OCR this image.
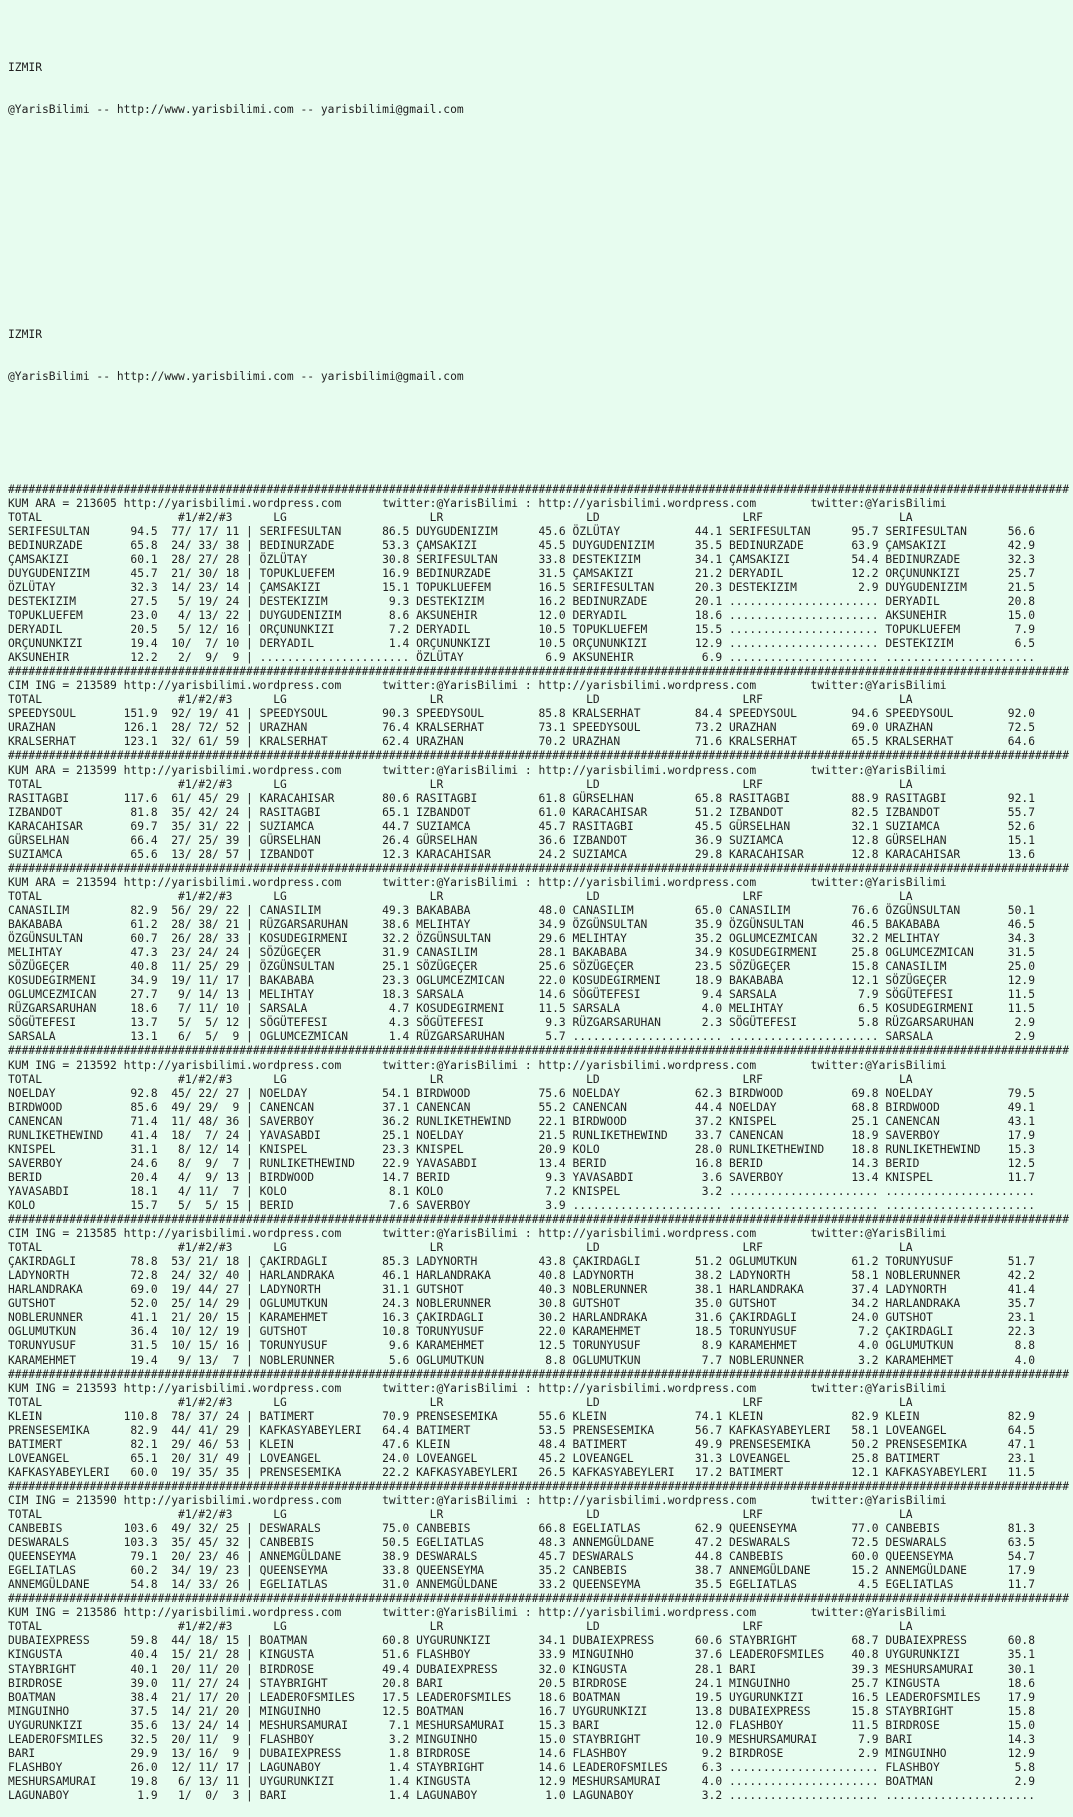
IZMIR

@YarisBilimi -- http://www.yarisbilimi.com -- yarisbilimi@gmail.com

IZMIR

@YarisBilimi -- http://www.yarisbilimi.com -- yarisbilimi@gmail.com

############################################################################################################################################################
KUM ARA = 213605 http://yarisbilimi.wordpress.com      twitter:@YarisBilimi : http://yarisbilimi.wordpress.com        twitter:@YarisBilimi
TOTAL                    #1/#2/#3      LG                     LR                     LD                     LRF                    LA
SERIFESULTAN      94.5  77/ 17/ 11 | SERIFESULTAN      86.5 DUYGUDENIZIM      45.6 ÖZLÜTAY           44.1 SERIFESULTAN      95.7 SERIFESULTAN      56.6
BEDINURZADE       65.8  24/ 33/ 38 | BEDINURZADE       53.3 ÇAMSAKIZI         45.5 DUYGUDENIZIM      35.5 BEDINURZADE       63.9 ÇAMSAKIZI         42.9
ÇAMSAKIZI         60.1  28/ 27/ 28 | ÖZLÜTAY           30.8 SERIFESULTAN      33.8 DESTEKIZIM        34.1 ÇAMSAKIZI         54.4 BEDINURZADE       32.3
DUYGUDENIZIM      45.7  21/ 30/ 18 | TOPUKLUEFEM       16.9 BEDINURZADE       31.5 ÇAMSAKIZI         21.2 DERYADIL          12.2 ORÇUNUNKIZI       25.7
ÖZLÜTAY           32.3  14/ 23/ 14 | ÇAMSAKIZI         15.1 TOPUKLUEFEM       16.5 SERIFESULTAN      20.3 DESTEKIZIM         2.9 DUYGUDENIZIM      21.5
DESTEKIZIM        27.5   5/ 19/ 24 | DESTEKIZIM         9.3 DESTEKIZIM        16.2 BEDINURZADE       20.1 ...................... DERYADIL          20.8
TOPUKLUEFEM       23.0   4/ 13/ 22 | DUYGUDENIZIM       8.6 AKSUNEHIR         12.0 DERYADIL          18.6 ...................... AKSUNEHIR         15.0
DERYADIL          20.5   5/ 12/ 16 | ORÇUNUNKIZI        7.2 DERYADIL          10.5 TOPUKLUEFEM       15.5 ...................... TOPUKLUEFEM        7.9
ORÇUNUNKIZI       19.4  10/  7/ 10 | DERYADIL           1.4 ORÇUNUNKIZI       10.5 ORÇUNUNKIZI       12.9 ...................... DESTEKIZIM         6.5
AKSUNEHIR         12.2   2/  9/  9 | ...................... ÖZLÜTAY            6.9 AKSUNEHIR          6.9 ...................... ......................
############################################################################################################################################################
CIM ING = 213589 http://yarisbilimi.wordpress.com      twitter:@YarisBilimi : http://yarisbilimi.wordpress.com        twitter:@YarisBilimi
TOTAL                    #1/#2/#3      LG                     LR                     LD                     LRF                    LA
SPEEDYSOUL       151.9  92/ 19/ 41 | SPEEDYSOUL        90.3 SPEEDYSOUL        85.8 KRALSERHAT        84.4 SPEEDYSOUL        94.6 SPEEDYSOUL        92.0
URAZHAN          126.1  28/ 72/ 52 | URAZHAN           76.4 KRALSERHAT        73.1 SPEEDYSOUL        73.2 URAZHAN           69.0 URAZHAN           72.5
KRALSERHAT       123.1  32/ 61/ 59 | KRALSERHAT        62.4 URAZHAN           70.2 URAZHAN           71.6 KRALSERHAT        65.5 KRALSERHAT        64.6
############################################################################################################################################################
KUM ARA = 213599 http://yarisbilimi.wordpress.com      twitter:@YarisBilimi : http://yarisbilimi.wordpress.com        twitter:@YarisBilimi
TOTAL                    #1/#2/#3      LG                     LR                     LD                     LRF                    LA
RASITAGBI        117.6  61/ 45/ 29 | KARACAHISAR       80.6 RASITAGBI         61.8 GÜRSELHAN         65.8 RASITAGBI         88.9 RASITAGBI         92.1
IZBANDOT          81.8  35/ 42/ 24 | RASITAGBI         65.1 IZBANDOT          61.0 KARACAHISAR       51.2 IZBANDOT          82.5 IZBANDOT          55.7
KARACAHISAR       69.7  35/ 31/ 22 | SUZIAMCA          44.7 SUZIAMCA          45.7 RASITAGBI         45.5 GÜRSELHAN         32.1 SUZIAMCA          52.6
GÜRSELHAN         66.4  27/ 25/ 39 | GÜRSELHAN         26.4 GÜRSELHAN         36.6 IZBANDOT          36.9 SUZIAMCA          12.8 GÜRSELHAN         15.1
SUZIAMCA          65.6  13/ 28/ 57 | IZBANDOT          12.3 KARACAHISAR       24.2 SUZIAMCA          29.8 KARACAHISAR       12.8 KARACAHISAR       13.6
############################################################################################################################################################
KUM ARA = 213594 http://yarisbilimi.wordpress.com      twitter:@YarisBilimi : http://yarisbilimi.wordpress.com        twitter:@YarisBilimi
TOTAL                    #1/#2/#3      LG                     LR                     LD                     LRF                    LA
CANASILIM         82.9  56/ 29/ 22 | CANASILIM         49.3 BAKABABA          48.0 CANASILIM         65.0 CANASILIM         76.6 ÖZGÜNSULTAN       50.1
BAKABABA          61.2  28/ 38/ 21 | RÜZGARSARUHAN     38.6 MELIHTAY          34.9 ÖZGÜNSULTAN       35.9 ÖZGÜNSULTAN       46.5 BAKABABA          46.5
ÖZGÜNSULTAN       60.7  26/ 28/ 33 | KOSUDEGIRMENI     32.2 ÖZGÜNSULTAN       29.6 MELIHTAY          35.2 OGLUMCEZMICAN     32.2 MELIHTAY          34.3
MELIHTAY          47.3  23/ 24/ 24 | SÖZÜGEÇER         31.9 CANASILIM         28.1 BAKABABA          34.9 KOSUDEGIRMENI     25.8 OGLUMCEZMICAN     31.5
SÖZÜGEÇER         40.8  11/ 25/ 29 | ÖZGÜNSULTAN       25.1 SÖZÜGEÇER         25.6 SÖZÜGEÇER         23.5 SÖZÜGEÇER         15.8 CANASILIM         25.0
KOSUDEGIRMENI     34.9  19/ 11/ 17 | BAKABABA          23.3 OGLUMCEZMICAN     22.0 KOSUDEGIRMENI     18.9 BAKABABA          12.1 SÖZÜGEÇER         12.9
OGLUMCEZMICAN     27.7   9/ 14/ 13 | MELIHTAY          18.3 SARSALA           14.6 SÖGÜTEFESI         9.4 SARSALA            7.9 SÖGÜTEFESI        11.5
RÜZGARSARUHAN     18.6   7/ 11/ 10 | SARSALA            4.7 KOSUDEGIRMENI     11.5 SARSALA            4.0 MELIHTAY           6.5 KOSUDEGIRMENI     11.5
SÖGÜTEFESI        13.7   5/  5/ 12 | SÖGÜTEFESI         4.3 SÖGÜTEFESI         9.3 RÜZGARSARUHAN      2.3 SÖGÜTEFESI         5.8 RÜZGARSARUHAN      2.9
SARSALA           13.1   6/  5/  9 | OGLUMCEZMICAN      1.4 RÜZGARSARUHAN      5.7 ...................... ...................... SARSALA            2.9
############################################################################################################################################################
KUM ING = 213592 http://yarisbilimi.wordpress.com      twitter:@YarisBilimi : http://yarisbilimi.wordpress.com        twitter:@YarisBilimi
TOTAL                    #1/#2/#3      LG                     LR                     LD                     LRF                    LA
NOELDAY           92.8  45/ 22/ 27 | NOELDAY           54.1 BIRDWOOD          75.6 NOELDAY           62.3 BIRDWOOD          69.8 NOELDAY           79.5
BIRDWOOD          85.6  49/ 29/  9 | CANENCAN          37.1 CANENCAN          55.2 CANENCAN          44.4 NOELDAY           68.8 BIRDWOOD          49.1
CANENCAN          71.4  11/ 48/ 36 | SAVERBOY          36.2 RUNLIKETHEWIND    22.1 BIRDWOOD          37.2 KNISPEL           25.1 CANENCAN          43.1
RUNLIKETHEWIND    41.4  18/  7/ 24 | YAVASABDI         25.1 NOELDAY           21.5 RUNLIKETHEWIND    33.7 CANENCAN          18.9 SAVERBOY          17.9
KNISPEL           31.1   8/ 12/ 14 | KNISPEL           23.3 KNISPEL           20.9 KOLO              28.0 RUNLIKETHEWIND    18.8 RUNLIKETHEWIND    15.3
SAVERBOY          24.6   8/  9/  7 | RUNLIKETHEWIND    22.9 YAVASABDI         13.4 BERID             16.8 BERID             14.3 BERID             12.5
BERID             20.4   4/  9/ 13 | BIRDWOOD          14.7 BERID              9.3 YAVASABDI          3.6 SAVERBOY          13.4 KNISPEL           11.7
YAVASABDI         18.1   4/ 11/  7 | KOLO               8.1 KOLO               7.2 KNISPEL            3.2 ...................... ......................
KOLO              15.7   5/  5/ 15 | BERID              7.6 SAVERBOY           3.9 ...................... ...................... ......................
############################################################################################################################################################
CIM ING = 213585 http://yarisbilimi.wordpress.com      twitter:@YarisBilimi : http://yarisbilimi.wordpress.com        twitter:@YarisBilimi
TOTAL                    #1/#2/#3      LG                     LR                     LD                     LRF                    LA
ÇAKIRDAGLI        78.8  53/ 21/ 18 | ÇAKIRDAGLI        85.3 LADYNORTH         43.8 ÇAKIRDAGLI        51.2 OGLUMUTKUN        61.2 TORUNYUSUF        51.7
LADYNORTH         72.8  24/ 32/ 40 | HARLANDRAKA       46.1 HARLANDRAKA       40.8 LADYNORTH         38.2 LADYNORTH         58.1 NOBLERUNNER       42.2
HARLANDRAKA       69.0  19/ 44/ 27 | LADYNORTH         31.1 GUTSHOT           40.3 NOBLERUNNER       38.1 HARLANDRAKA       37.4 LADYNORTH         41.4
GUTSHOT           52.0  25/ 14/ 29 | OGLUMUTKUN        24.3 NOBLERUNNER       30.8 GUTSHOT           35.0 GUTSHOT           34.2 HARLANDRAKA       35.7
NOBLERUNNER       41.1  21/ 20/ 15 | KARAMEHMET        16.3 ÇAKIRDAGLI        30.2 HARLANDRAKA       31.6 ÇAKIRDAGLI        24.0 GUTSHOT           23.1
OGLUMUTKUN        36.4  10/ 12/ 19 | GUTSHOT           10.8 TORUNYUSUF        22.0 KARAMEHMET        18.5 TORUNYUSUF         7.2 ÇAKIRDAGLI        22.3
TORUNYUSUF        31.5  10/ 15/ 16 | TORUNYUSUF         9.6 KARAMEHMET        12.5 TORUNYUSUF         8.9 KARAMEHMET         4.0 OGLUMUTKUN         8.8
KARAMEHMET        19.4   9/ 13/  7 | NOBLERUNNER        5.6 OGLUMUTKUN         8.8 OGLUMUTKUN         7.7 NOBLERUNNER        3.2 KARAMEHMET         4.0
############################################################################################################################################################
KUM ING = 213593 http://yarisbilimi.wordpress.com      twitter:@YarisBilimi : http://yarisbilimi.wordpress.com        twitter:@YarisBilimi
TOTAL                    #1/#2/#3      LG                     LR                     LD                     LRF                    LA
KLEIN            110.8  78/ 37/ 24 | BATIMERT          70.9 PRENSESEMIKA      55.6 KLEIN             74.1 KLEIN             82.9 KLEIN             82.9
PRENSESEMIKA      82.9  44/ 41/ 29 | KAFKASYABEYLERI   64.4 BATIMERT          53.5 PRENSESEMIKA      56.7 KAFKASYABEYLERI   58.1 LOVEANGEL         64.5
BATIMERT          82.1  29/ 46/ 53 | KLEIN             47.6 KLEIN             48.4 BATIMERT          49.9 PRENSESEMIKA      50.2 PRENSESEMIKA      47.1
LOVEANGEL         65.1  20/ 31/ 49 | LOVEANGEL         24.0 LOVEANGEL         45.2 LOVEANGEL         31.3 LOVEANGEL         25.8 BATIMERT          23.1
KAFKASYABEYLERI   60.0  19/ 35/ 35 | PRENSESEMIKA      22.2 KAFKASYABEYLERI   26.5 KAFKASYABEYLERI   17.2 BATIMERT          12.1 KAFKASYABEYLERI   11.5
############################################################################################################################################################
CIM ING = 213590 http://yarisbilimi.wordpress.com      twitter:@YarisBilimi : http://yarisbilimi.wordpress.com        twitter:@YarisBilimi
TOTAL                    #1/#2/#3      LG                     LR                     LD                     LRF                    LA
CANBEBIS         103.6  49/ 32/ 25 | DESWARALS         75.0 CANBEBIS          66.8 EGELIATLAS        62.9 QUEENSEYMA        77.0 CANBEBIS          81.3
DESWARALS        103.3  35/ 45/ 32 | CANBEBIS          50.5 EGELIATLAS        48.3 ANNEMGÜLDANE      47.2 DESWARALS         72.5 DESWARALS         63.5
QUEENSEYMA        79.1  20/ 23/ 46 | ANNEMGÜLDANE      38.9 DESWARALS         45.7 DESWARALS         44.8 CANBEBIS          60.0 QUEENSEYMA        54.7
EGELIATLAS        60.2  34/ 19/ 23 | QUEENSEYMA        33.8 QUEENSEYMA        35.2 CANBEBIS          38.7 ANNEMGÜLDANE      15.2 ANNEMGÜLDANE      17.9
ANNEMGÜLDANE      54.8  14/ 33/ 26 | EGELIATLAS        31.0 ANNEMGÜLDANE      33.2 QUEENSEYMA        35.5 EGELIATLAS         4.5 EGELIATLAS        11.7
############################################################################################################################################################
KUM ING = 213586 http://yarisbilimi.wordpress.com      twitter:@YarisBilimi : http://yarisbilimi.wordpress.com        twitter:@YarisBilimi
TOTAL                    #1/#2/#3      LG                     LR                     LD                     LRF                    LA
DUBAIEXPRESS      59.8  44/ 18/ 15 | BOATMAN           60.8 UYGURUNKIZI       34.1 DUBAIEXPRESS      60.6 STAYBRIGHT        68.7 DUBAIEXPRESS      60.8
KINGUSTA          40.4  15/ 21/ 28 | KINGUSTA          51.6 FLASHBOY          33.9 MINGUINHO         37.6 LEADEROFSMILES    40.8 UYGURUNKIZI       35.1
STAYBRIGHT        40.1  20/ 11/ 20 | BIRDROSE          49.4 DUBAIEXPRESS      32.0 KINGUSTA          28.1 BARI              39.3 MESHURSAMURAI     30.1
BIRDROSE          39.0  11/ 27/ 24 | STAYBRIGHT        20.8 BARI              20.5 BIRDROSE          24.1 MINGUINHO         25.7 KINGUSTA          18.6
BOATMAN           38.4  21/ 17/ 20 | LEADEROFSMILES    17.5 LEADEROFSMILES    18.6 BOATMAN           19.5 UYGURUNKIZI       16.5 LEADEROFSMILES    17.9
MINGUINHO         37.5  14/ 21/ 20 | MINGUINHO         12.5 BOATMAN           16.7 UYGURUNKIZI       13.8 DUBAIEXPRESS      15.8 STAYBRIGHT        15.8
UYGURUNKIZI       35.6  13/ 24/ 14 | MESHURSAMURAI      7.1 MESHURSAMURAI     15.3 BARI              12.0 FLASHBOY          11.5 BIRDROSE          15.0
LEADEROFSMILES    32.5  20/ 11/  9 | FLASHBOY           3.2 MINGUINHO         15.0 STAYBRIGHT        10.9 MESHURSAMURAI      7.9 BARI              14.3
BARI              29.9  13/ 16/  9 | DUBAIEXPRESS       1.8 BIRDROSE          14.6 FLASHBOY           9.2 BIRDROSE           2.9 MINGUINHO         12.9
FLASHBOY          26.0  12/ 11/ 17 | LAGUNABOY          1.4 STAYBRIGHT        14.6 LEADEROFSMILES     6.3 ...................... FLASHBOY           5.8
MESHURSAMURAI     19.8   6/ 13/ 11 | UYGURUNKIZI        1.4 KINGUSTA          12.9 MESHURSAMURAI      4.0 ...................... BOATMAN            2.9
LAGUNABOY          1.9   1/  0/  3 | BARI               1.4 LAGUNABOY          1.0 LAGUNABOY          3.2 ...................... ......................
